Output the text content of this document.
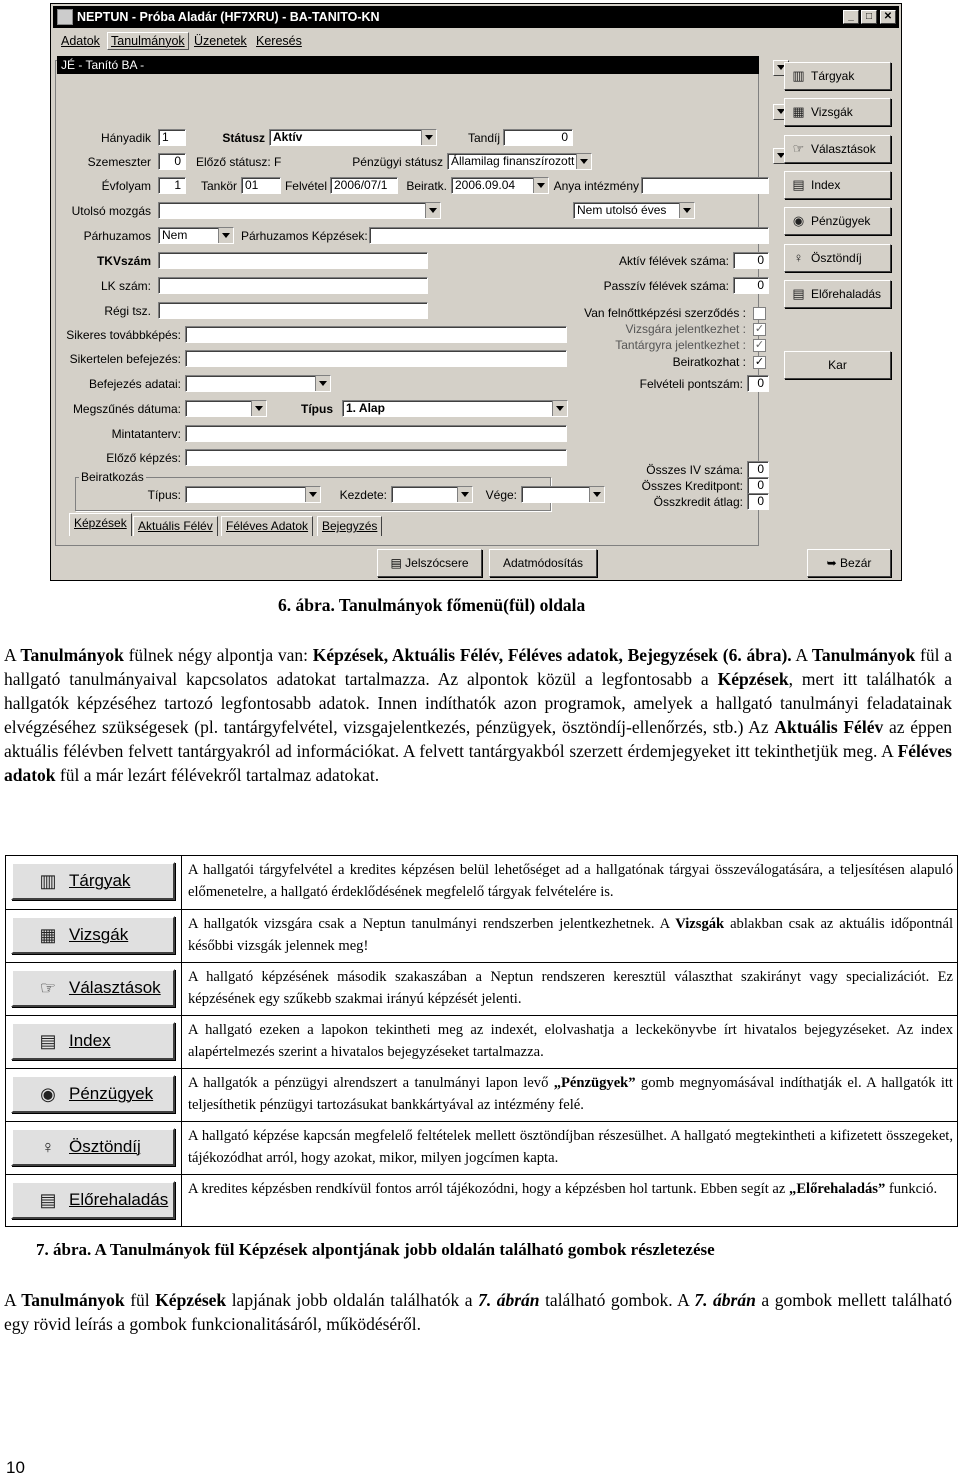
NEPTUN - Próba Aladár (HF7XRU) - BA-TANITO-KN	_	□	✕
Adatok Tanulmányok Üzenetek Keresés
JÉ - Tanító BA -
Hányadik 1	Státusz Aktív	Tandíj	0
Szemeszter	0	Előző státusz: F	Pénzügyi státusz Államilag finanszírozott
Évfolyam	1	Tankör 01	Felvétel 2006/07/1	Beiratk. 2006.09.04	Anya intézmény
Utolsó mozgás	Nem utolsó éves
Párhuzamos Nem	Párhuzamos Képzések:
TKVszám	Aktív félévek száma:	0
LK szám:	Passzív félévek száma:	0
Régi tsz.	Van felnőttképzési szerződés :
Vizsgára jelentkezhet : ✓
Tantárgyra jelentkezhet : ✓
Beiratkozhat : ✓
Sikeres továbbképés:
Sikertelen befejezés:
Befejezés adatai:	Felvételi pontszám:	0
Megszűnés dátuma:	Típus	1. Alap
Mintatanterv:
Előző képzés:
Összes IV száma:	0
Összes Kreditpont:	0
Összkredit átlag:	0
Beiratkozás
Típus:	Kezdete:	Vége:
Képzések Aktuális Félév	Féléves Adatok	Bejegyzés
▥ Tárgyak
▦ Vizsgák
☞ Választások
▤ Index
◉ Pénzügyek
♀ Ösztöndíj
▤ Előrehaladás
Kar
▤ Jelszócsere	Adatmódosítás	➥ Bezár
6. ábra. Tanulmányok főmenü(fül) oldala

A Tanulmányok fülnek négy alpontja van: Képzések, Aktuális Félév, Féléves adatok, Bejegyzések (6. ábra). A Tanulmányok fül a hallgató tanulmányaival kapcsolatos adatokat tartalmazza. Az alpontok közül a legfontosabb a Képzések, mert itt találhatók a hallgatók képzéséhez tartozó legfontosabb adatok. Innen indíthatók azon programok, amelyek a hallgató tanulmányi feladatainak elvégzéséhez szükségesek (pl. tantárgyfelvétel, vizsgajelentkezés, pénzügyek, ösztöndíj-ellenőrzés, stb.) Az Aktuális Félév az éppen aktuális félévben felvett tantárgyakról ad információkat. A felvett tantárgyakból szerzett érdemjegyeket itt tekinthetjük meg. A Féléves adatok fül a már lezárt félévekről tartalmaz adatokat.

▥ Tárgyak
A hallgatói tárgyfelvétel a kredites képzésen belül lehetőséget ad a hallgatónak tárgyai összeválogatására, a teljesítésen alapuló előmenetelre, a hallgató érdeklődésének megfelelő tárgyak felvételére is.
▦ Vizsgák
A hallgatók vizsgára csak a Neptun tanulmányi rendszerben jelentkezhetnek. A Vizsgák ablakban csak az aktuális időpontnál későbbi vizsgák jelennek meg!
☞ Választások
A hallgató képzésének második szakaszában a Neptun rendszeren keresztül választhat szakirányt vagy specializációt. Ez képzésének egy szűkebb szakmai irányú képzését jelenti.
▤ Index
A hallgató ezeken a lapokon tekintheti meg az indexét, elolvashatja a leckekönyvbe írt hivatalos bejegyzéseket. Az index alapértelmezés szerint a hivatalos bejegyzéseket tartalmazza.
◉ Pénzügyek
A hallgatók a pénzügyi alrendszert a tanulmányi lapon levő „Pénzügyek” gomb megnyomásával indíthatják el. A hallgatók itt teljesíthetik pénzügyi tartozásukat bankkártyával az intézmény felé.
♀ Ösztöndíj
A hallgató képzése kapcsán megfelelő feltételek mellett ösztöndíjban részesülhet. A hallgató megtekintheti a kifizetett összegeket, tájékozódhat arról, hogy azokat, mikor, milyen jogcímen kapta.
▤ Előrehaladás
A kredites képzésben rendkívül fontos arról tájékozódni, hogy a képzésben hol tartunk. Ebben segít az „Előrehaladás” funkció.
7. ábra. A Tanulmányok fül Képzések alpontjának jobb oldalán található gombok részletezése

A Tanulmányok fül Képzések lapjának jobb oldalán találhatók a 7. ábrán található gombok. A 7. ábrán a gombok mellett található egy rövid leírás a gombok funkcionalitásáról, működéséről.

10
